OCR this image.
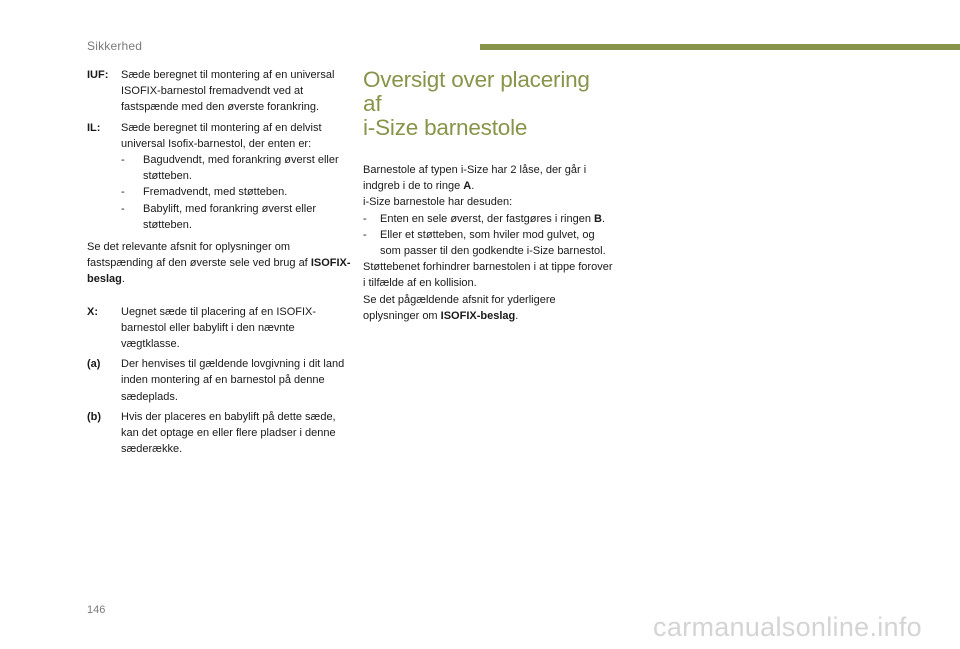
Sikkerhed
IUF:	Sæde beregnet til montering af en universal ISOFIX-barnestol fremadvendt ved at fastspænde med den øverste forankring.
IL:	Sæde beregnet til montering af en delvist universal Isofix-barnestol, der enten er:
-	Bagudvendt, med forankring øverst eller støtteben.
-	Fremadvendt, med støtteben.
-	Babylift, med forankring øverst eller støtteben.
Se det relevante afsnit for oplysninger om fastspænding af den øverste sele ved brug af ISOFIX-beslag.
X:	Uegnet sæde til placering af en ISOFIX-barnestol eller babylift i den nævnte vægtklasse.
(a)	Der henvises til gældende lovgivning i dit land inden montering af en barnestol på denne sædeplads.
(b)	Hvis der placeres en babylift på dette sæde, kan det optage en eller flere pladser i denne sæderække.
Oversigt over placering af
i-Size barnestole
Barnestole af typen i-Size har 2 låse, der går i indgreb i de to ringe A.
i-Size barnestole har desuden:
-	Enten en sele øverst, der fastgøres i ringen B.
-	Eller et støtteben, som hviler mod gulvet, og som passer til den godkendte i-Size barnestol.
Støttebenet forhindrer barnestolen i at tippe forover i tilfælde af en kollision.
Se det pågældende afsnit for yderligere oplysninger om ISOFIX-beslag.
146
carmanualsonline.info
